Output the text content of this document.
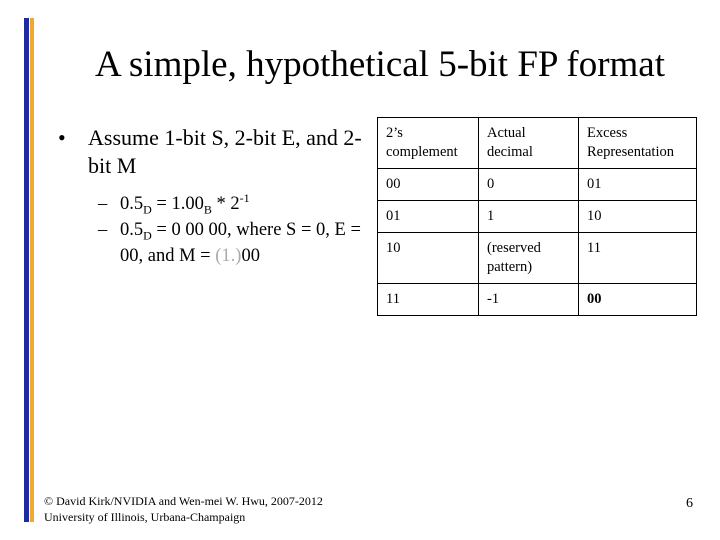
A simple, hypothetical 5-bit FP format
• Assume 1-bit S, 2-bit E, and 2-bit M
– $0.5_D = 1.00_B * 2^{-1}$
– $0.5_D = 0$ 00 00, where S = 0, E = 00, and M = (1.)00
2’s complement	Actual decimal	Excess Representation
00	0	01
01	1	10
10	(reserved pattern)	11
11	-1	00
© David Kirk/NVIDIA and Wen-mei W. Hwu, 2007-2012
University of Illinois, Urbana-Champaign
6
